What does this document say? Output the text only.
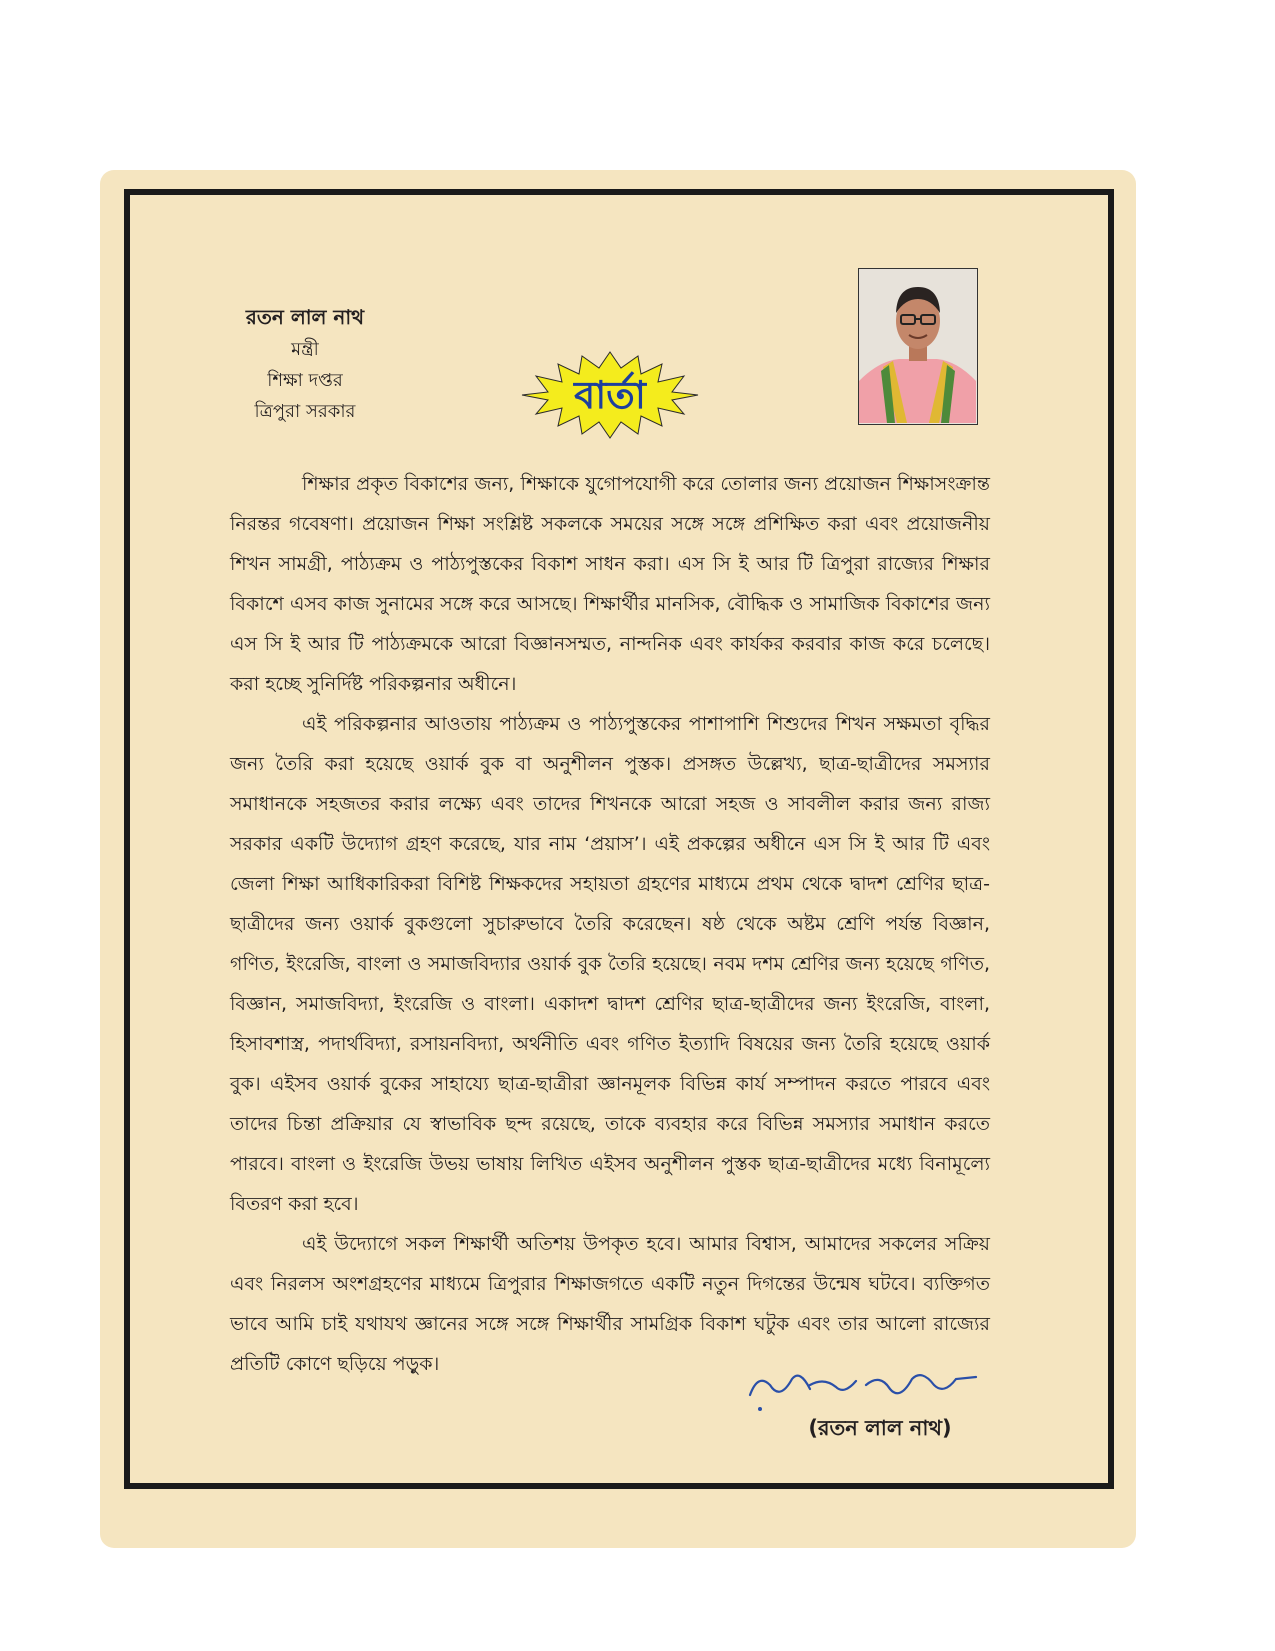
রতন লাল নাথ
মন্ত্রী
শিক্ষা দপ্তর
ত্রিপুরা সরকার	বার্তা

শিক্ষার প্রকৃত বিকাশের জন্য, শিক্ষাকে যুগোপযোগী করে তোলার জন্য প্রয়োজন শিক্ষাসংক্রান্ত নিরন্তর গবেষণা। প্রয়োজন শিক্ষা সংশ্লিষ্ট সকলকে সময়ের সঙ্গে সঙ্গে প্রশিক্ষিত করা এবং প্রয়োজনীয় শিখন সামগ্রী, পাঠ্যক্রম ও পাঠ্যপুস্তকের বিকাশ সাধন করা। এস সি ই আর টি ত্রিপুরা রাজ্যের শিক্ষার বিকাশে এসব কাজ সুনামের সঙ্গে করে আসছে। শিক্ষার্থীর মানসিক, বৌদ্ধিক ও সামাজিক বিকাশের জন্য এস সি ই আর টি পাঠ্যক্রমকে আরো বিজ্ঞানসম্মত, নান্দনিক এবং কার্যকর করবার কাজ করে চলেছে। করা হচ্ছে সুনির্দিষ্ট পরিকল্পনার অধীনে।

এই পরিকল্পনার আওতায় পাঠ্যক্রম ও পাঠ্যপুস্তকের পাশাপাশি শিশুদের শিখন সক্ষমতা বৃদ্ধির জন্য তৈরি করা হয়েছে ওয়ার্ক বুক বা অনুশীলন পুস্তক। প্রসঙ্গত উল্লেখ্য, ছাত্র-ছাত্রীদের সমস্যার সমাধানকে সহজতর করার লক্ষ্যে এবং তাদের শিখনকে আরো সহজ ও সাবলীল করার জন্য রাজ্য সরকার একটি উদ্যোগ গ্রহণ করেছে, যার নাম ‘প্রয়াস’। এই প্রকল্পের অধীনে এস সি ই আর টি এবং জেলা শিক্ষা আধিকারিকরা বিশিষ্ট শিক্ষকদের সহায়তা গ্রহণের মাধ্যমে প্রথম থেকে দ্বাদশ শ্রেণির ছাত্র-ছাত্রীদের জন্য ওয়ার্ক বুকগুলো সুচারুভাবে তৈরি করেছেন। ষষ্ঠ থেকে অষ্টম শ্রেণি পর্যন্ত বিজ্ঞান, গণিত, ইংরেজি, বাংলা ও সমাজবিদ্যার ওয়ার্ক বুক তৈরি হয়েছে। নবম দশম শ্রেণির জন্য হয়েছে গণিত, বিজ্ঞান, সমাজবিদ্যা, ইংরেজি ও বাংলা। একাদশ দ্বাদশ শ্রেণির ছাত্র-ছাত্রীদের জন্য ইংরেজি, বাংলা, হিসাবশাস্ত্র, পদার্থবিদ্যা, রসায়নবিদ্যা, অর্থনীতি এবং গণিত ইত্যাদি বিষয়ের জন্য তৈরি হয়েছে ওয়ার্ক বুক। এইসব ওয়ার্ক বুকের সাহায্যে ছাত্র-ছাত্রীরা জ্ঞানমূলক বিভিন্ন কার্য সম্পাদন করতে পারবে এবং তাদের চিন্তা প্রক্রিয়ার যে স্বাভাবিক ছন্দ রয়েছে, তাকে ব্যবহার করে বিভিন্ন সমস্যার সমাধান করতে পারবে। বাংলা ও ইংরেজি উভয় ভাষায় লিখিত এইসব অনুশীলন পুস্তক ছাত্র-ছাত্রীদের মধ্যে বিনামূল্যে বিতরণ করা হবে।

এই উদ্যোগে সকল শিক্ষার্থী অতিশয় উপকৃত হবে। আমার বিশ্বাস, আমাদের সকলের সক্রিয় এবং নিরলস অংশগ্রহণের মাধ্যমে ত্রিপুরার শিক্ষাজগতে একটি নতুন দিগন্তের উন্মেষ ঘটবে। ব্যক্তিগত ভাবে আমি চাই যথাযথ জ্ঞানের সঙ্গে সঙ্গে শিক্ষার্থীর সামগ্রিক বিকাশ ঘটুক এবং তার আলো রাজ্যের প্রতিটি কোণে ছড়িয়ে পড়ুক।

(রতন লাল নাথ)
